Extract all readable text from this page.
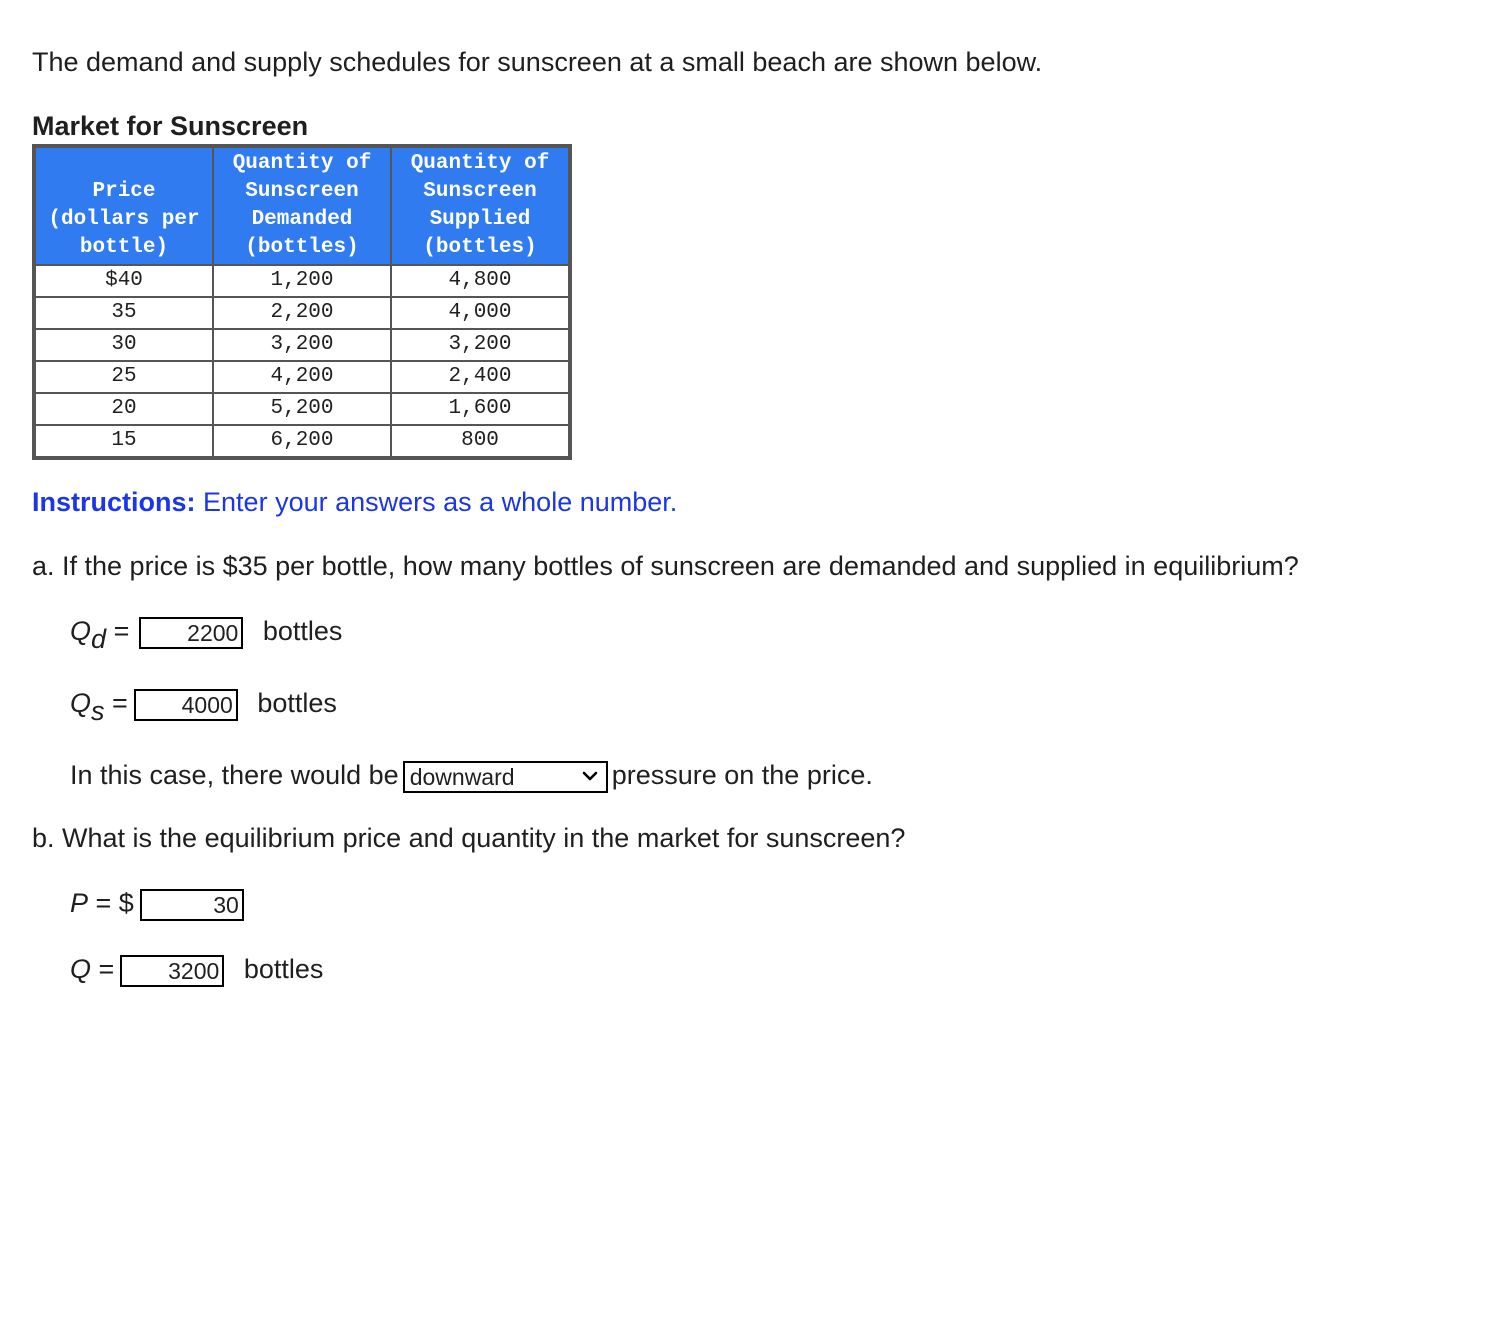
The demand and supply schedules for sunscreen at a small beach are shown below.
Market for Sunscreen
Price (dollars per bottle)	Quantity of Sunscreen Demanded (bottles)	Quantity of Sunscreen Supplied (bottles)
$40	1,200	4,800
35	2,200	4,000
30	3,200	3,200
25	4,200	2,400
20	5,200	1,600
15	6,200	800
Instructions: Enter your answers as a whole number.
a. If the price is $35 per bottle, how many bottles of sunscreen are demanded and supplied in equilibrium?
Qd =	2200 bottles
Qs = 4000 bottles
In this case, there would be downward	pressure on the price.
b. What is the equilibrium price and quantity in the market for sunscreen?
P = $	30
Q = 3200 bottles
